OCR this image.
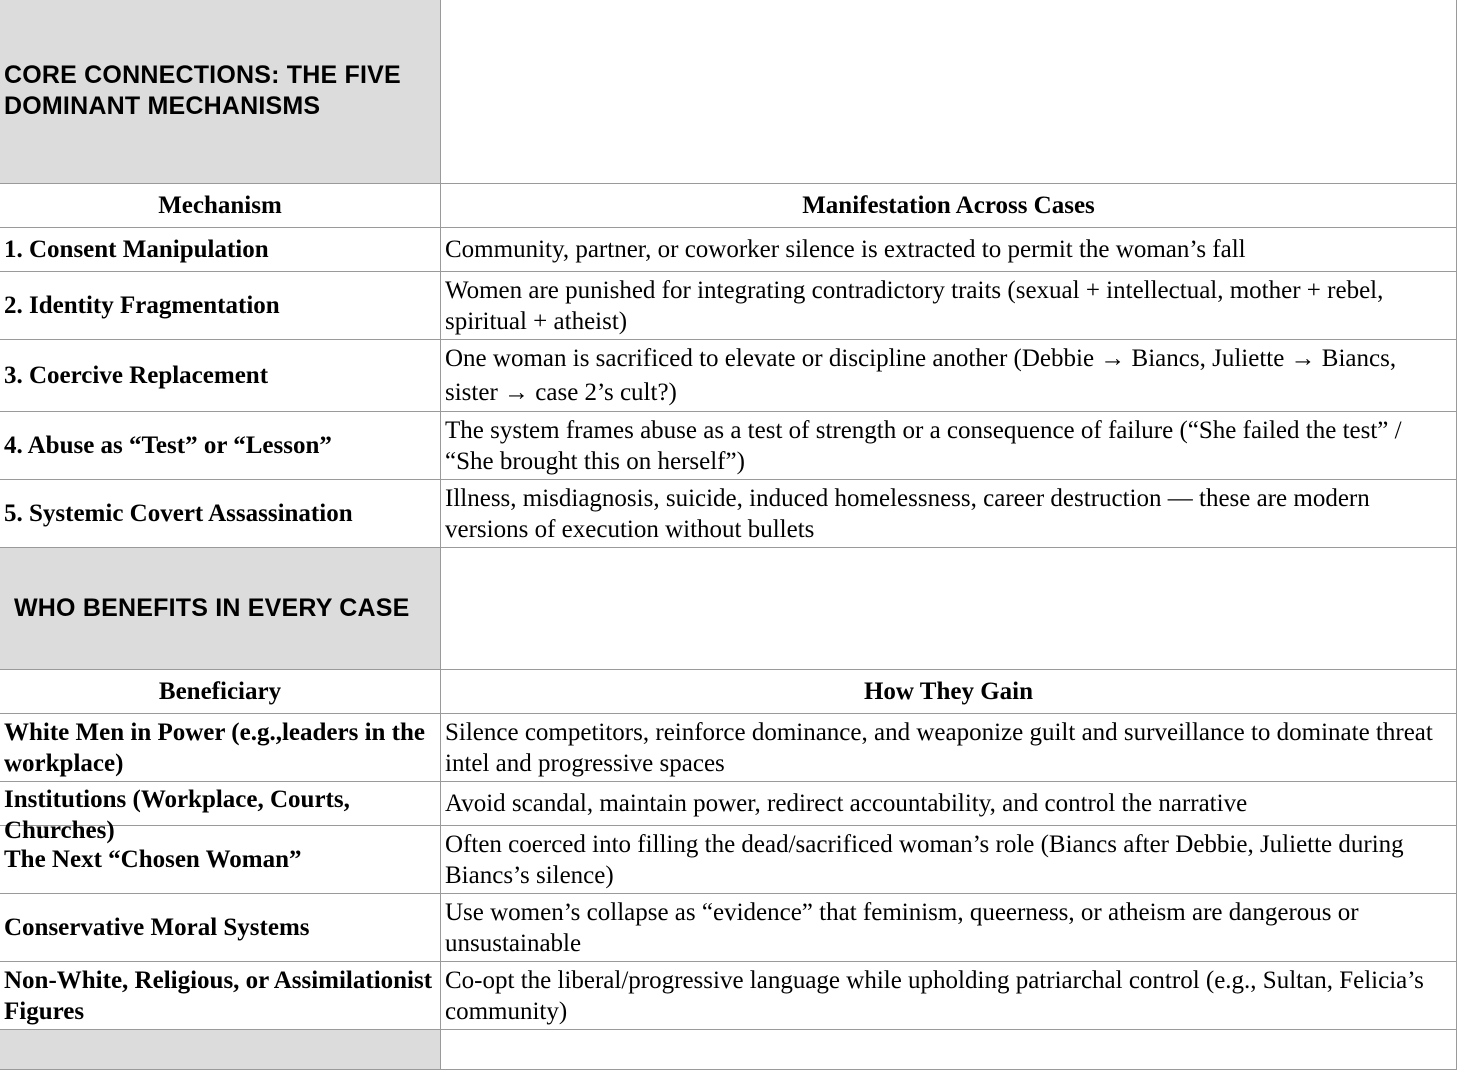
CORE CONNECTIONS: THE FIVE DOMINANT MECHANISMS	

Mechanism	Manifestation Across Cases
1. Consent Manipulation	Community, partner, or coworker silence is extracted to permit the woman’s fall
2. Identity Fragmentation	Women are punished for integrating contradictory traits (sexual + intellectual, mother + rebel, spiritual + atheist)
3. Coercive Replacement	One woman is sacrificed to elevate or discipline another (Debbie → Biancs, Juliette → Biancs, sister → case 2’s cult?)
4. Abuse as “Test” or “Lesson”	The system frames abuse as a test of strength or a consequence of failure (“She failed the test” / “She brought this on herself”)
5. Systemic Covert Assassination	Illness, misdiagnosis, suicide, induced homelessness, career destruction — these are modern versions of execution without bullets

WHO BENEFITS IN EVERY CASE	

Beneficiary	How They Gain
White Men in Power (e.g.,leaders in the workplace)	Silence competitors, reinforce dominance, and weaponize guilt and surveillance to dominate threat intel and progressive spaces

Institutions (Workplace, Courts, Churches)	Avoid scandal, maintain power, redirect accountability, and control the narrative
The Next “Chosen Woman”	Often coerced into filling the dead/sacrificed woman’s role (Biancs after Debbie, Juliette during Biancs’s silence)
Conservative Moral Systems	Use women’s collapse as “evidence” that feminism, queerness, or atheism are dangerous or unsustainable
Non-White, Religious, or Assimilationist Figures	Co-opt the liberal/progressive language while upholding patriarchal control (e.g., Sultan, Felicia’s community)
